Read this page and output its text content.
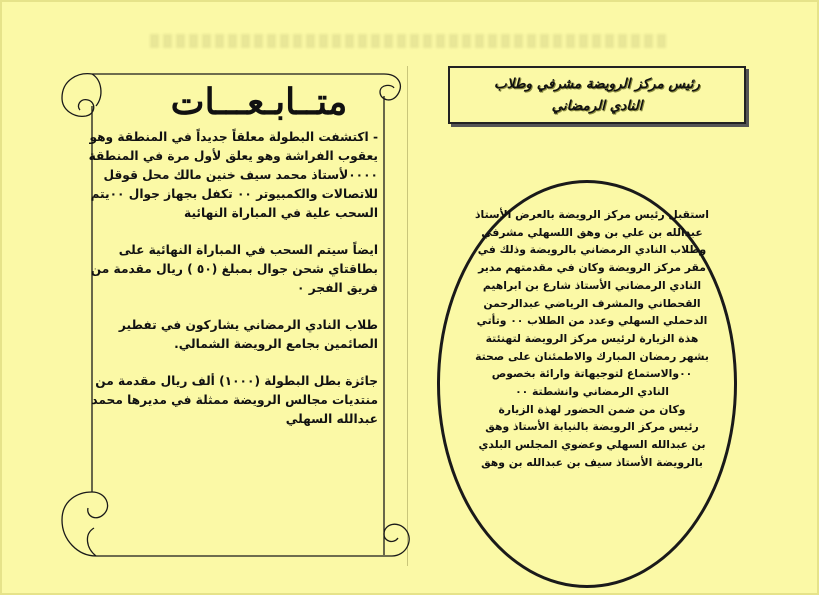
متــابـعـــات

- اكتشفت البطولة معلقاً جديداً في المنطقة وهو يعقوب الفراشة وهو يعلق لأول مرة في المنطقة ٠٠٠٠لأستاذ محمد سيف خنين مالك محل قوقل للاتصالات والكمبيوتر ٠٠ تكفل بجهاز جوال ٠٠يتم السحب علية في المباراة النهائية

ايضاً سيتم السحب في المباراة النهائية على بطاقتاي شحن جوال بمبلغ (٥٠ ) ريال مقدمة من فريق الفجر ٠

طلاب النادي الرمضاني يشاركون في تفطير الصائمين بجامع الرويضة الشمالي.

جائزة بطل البطولة (١٠٠٠) ألف ريال مقدمة من منتديات مجالس الرويضة ممثلة في مديرها محمد عبدالله السهلي

رئيس مركز الرويضة مشرفي وطلاب
النادي الرمضاني
استقبل رئيس مركز الرويضة بالعرض الأستاذ
عبدالله بن علي بن وهق اللسهلي مشرفي
وطلاب النادي الرمضاني بالرويضة وذلك في
مقر مركز الرويضة وكان في مقدمتهم مدير
النادي الرمضاني الأستاذ شارع بن ابراهيم
القحطاني والمشرف الرياضي عبدالرحمن
الدحملي السهلي وعدد من الطلاب ٠٠ وتأتي
هذة الزيارة لرئيس مركز الرويضة لتهنئتة
بشهر رمضان المبارك والاطمئنان على صحتة
٠٠والاستماع لتوجيهاتة وارائة بخصوص
النادي الرمضاني وانشطتة ٠٠
وكان من ضمن الحضور لهذة الزيارة
رئيس مركز الرويضة بالنيابة الأستاذ وهق
بن عبدالله السهلي وعضوي المجلس البلدي
بالرويضة الأستاذ سيف بن عبدالله بن وهق
